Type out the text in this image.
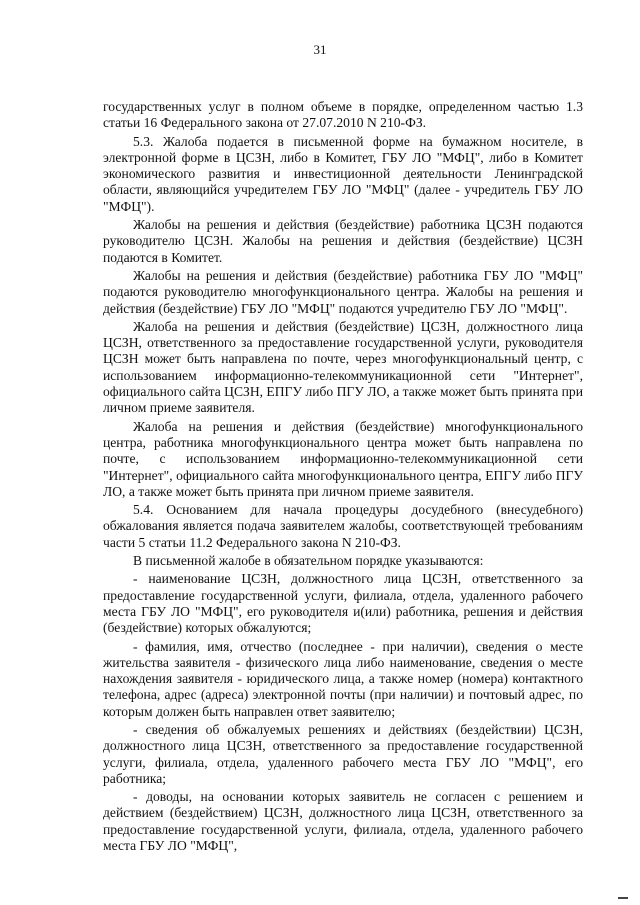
31

государственных услуг в полном объеме в порядке, определенном частью 1.3 статьи 16 Федерального закона от 27.07.2010 N 210-ФЗ.

5.3. Жалоба подается в письменной форме на бумажном носителе, в электронной форме в ЦСЗН, либо в Комитет, ГБУ ЛО "МФЦ", либо в Комитет экономического развития и инвестиционной деятельности Ленинградской области, являющийся учредителем ГБУ ЛО "МФЦ" (далее - учредитель ГБУ ЛО "МФЦ").

Жалобы на решения и действия (бездействие) работника ЦСЗН подаются руководителю ЦСЗН. Жалобы на решения и действия (бездействие) ЦСЗН подаются в Комитет.

Жалобы на решения и действия (бездействие) работника ГБУ ЛО "МФЦ" подаются руководителю многофункционального центра. Жалобы на решения и действия (бездействие) ГБУ ЛО "МФЦ" подаются учредителю ГБУ ЛО "МФЦ".

Жалоба на решения и действия (бездействие) ЦСЗН, должностного лица ЦСЗН, ответственного за предоставление государственной услуги, руководителя ЦСЗН может быть направлена по почте, через многофункциональный центр, с использованием информационно-телекоммуникационной сети "Интернет", официального сайта ЦСЗН, ЕПГУ либо ПГУ ЛО, а также может быть принята при личном приеме заявителя.

Жалоба на решения и действия (бездействие) многофункционального центра, работника многофункционального центра может быть направлена по почте, с использованием информационно-телекоммуникационной сети "Интернет", официального сайта многофункционального центра, ЕПГУ либо ПГУ ЛО, а также может быть принята при личном приеме заявителя.

5.4. Основанием для начала процедуры досудебного (внесудебного) обжалования является подача заявителем жалобы, соответствующей требованиям части 5 статьи 11.2 Федерального закона N 210-ФЗ.

В письменной жалобе в обязательном порядке указываются:

- наименование ЦСЗН, должностного лица ЦСЗН, ответственного за предоставление государственной услуги, филиала, отдела, удаленного рабочего места ГБУ ЛО "МФЦ", его руководителя и(или) работника, решения и действия (бездействие) которых обжалуются;

- фамилия, имя, отчество (последнее - при наличии), сведения о месте жительства заявителя - физического лица либо наименование, сведения о месте нахождения заявителя - юридического лица, а также номер (номера) контактного телефона, адрес (адреса) электронной почты (при наличии) и почтовый адрес, по которым должен быть направлен ответ заявителю;

- сведения об обжалуемых решениях и действиях (бездействии) ЦСЗН, должностного лица ЦСЗН, ответственного за предоставление государственной услуги, филиала, отдела, удаленного рабочего места ГБУ ЛО "МФЦ", его работника;

- доводы, на основании которых заявитель не согласен с решением и действием (бездействием) ЦСЗН, должностного лица ЦСЗН, ответственного за предоставление государственной услуги, филиала, отдела, удаленного рабочего места ГБУ ЛО "МФЦ",
